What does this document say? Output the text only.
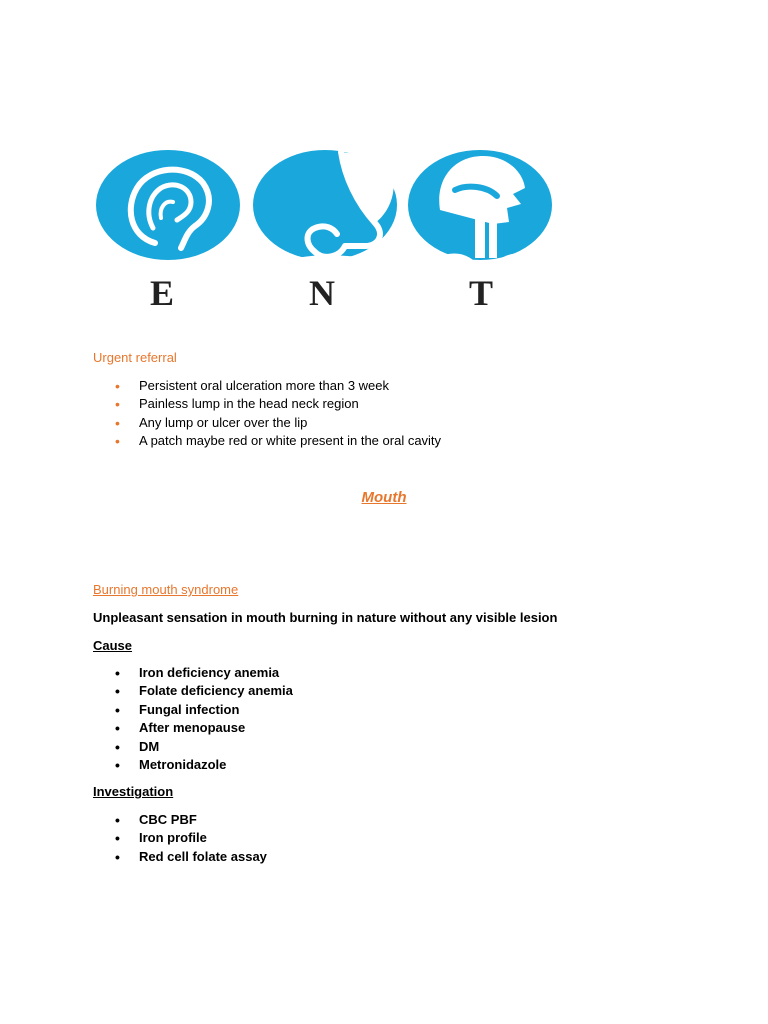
E	N	T
Urgent referral
• Persistent oral ulceration more than 3 week
• Painless lump in the head neck region
• Any lump or ulcer over the lip
• A patch maybe red or white present in the oral cavity
Mouth
Burning mouth syndrome
Unpleasant sensation in mouth burning in nature without any visible lesion
Cause
• Iron deficiency anemia
• Folate deficiency anemia
• Fungal infection
• After menopause
• DM
• Metronidazole
Investigation
• CBC PBF
• Iron profile
• Red cell folate assay
